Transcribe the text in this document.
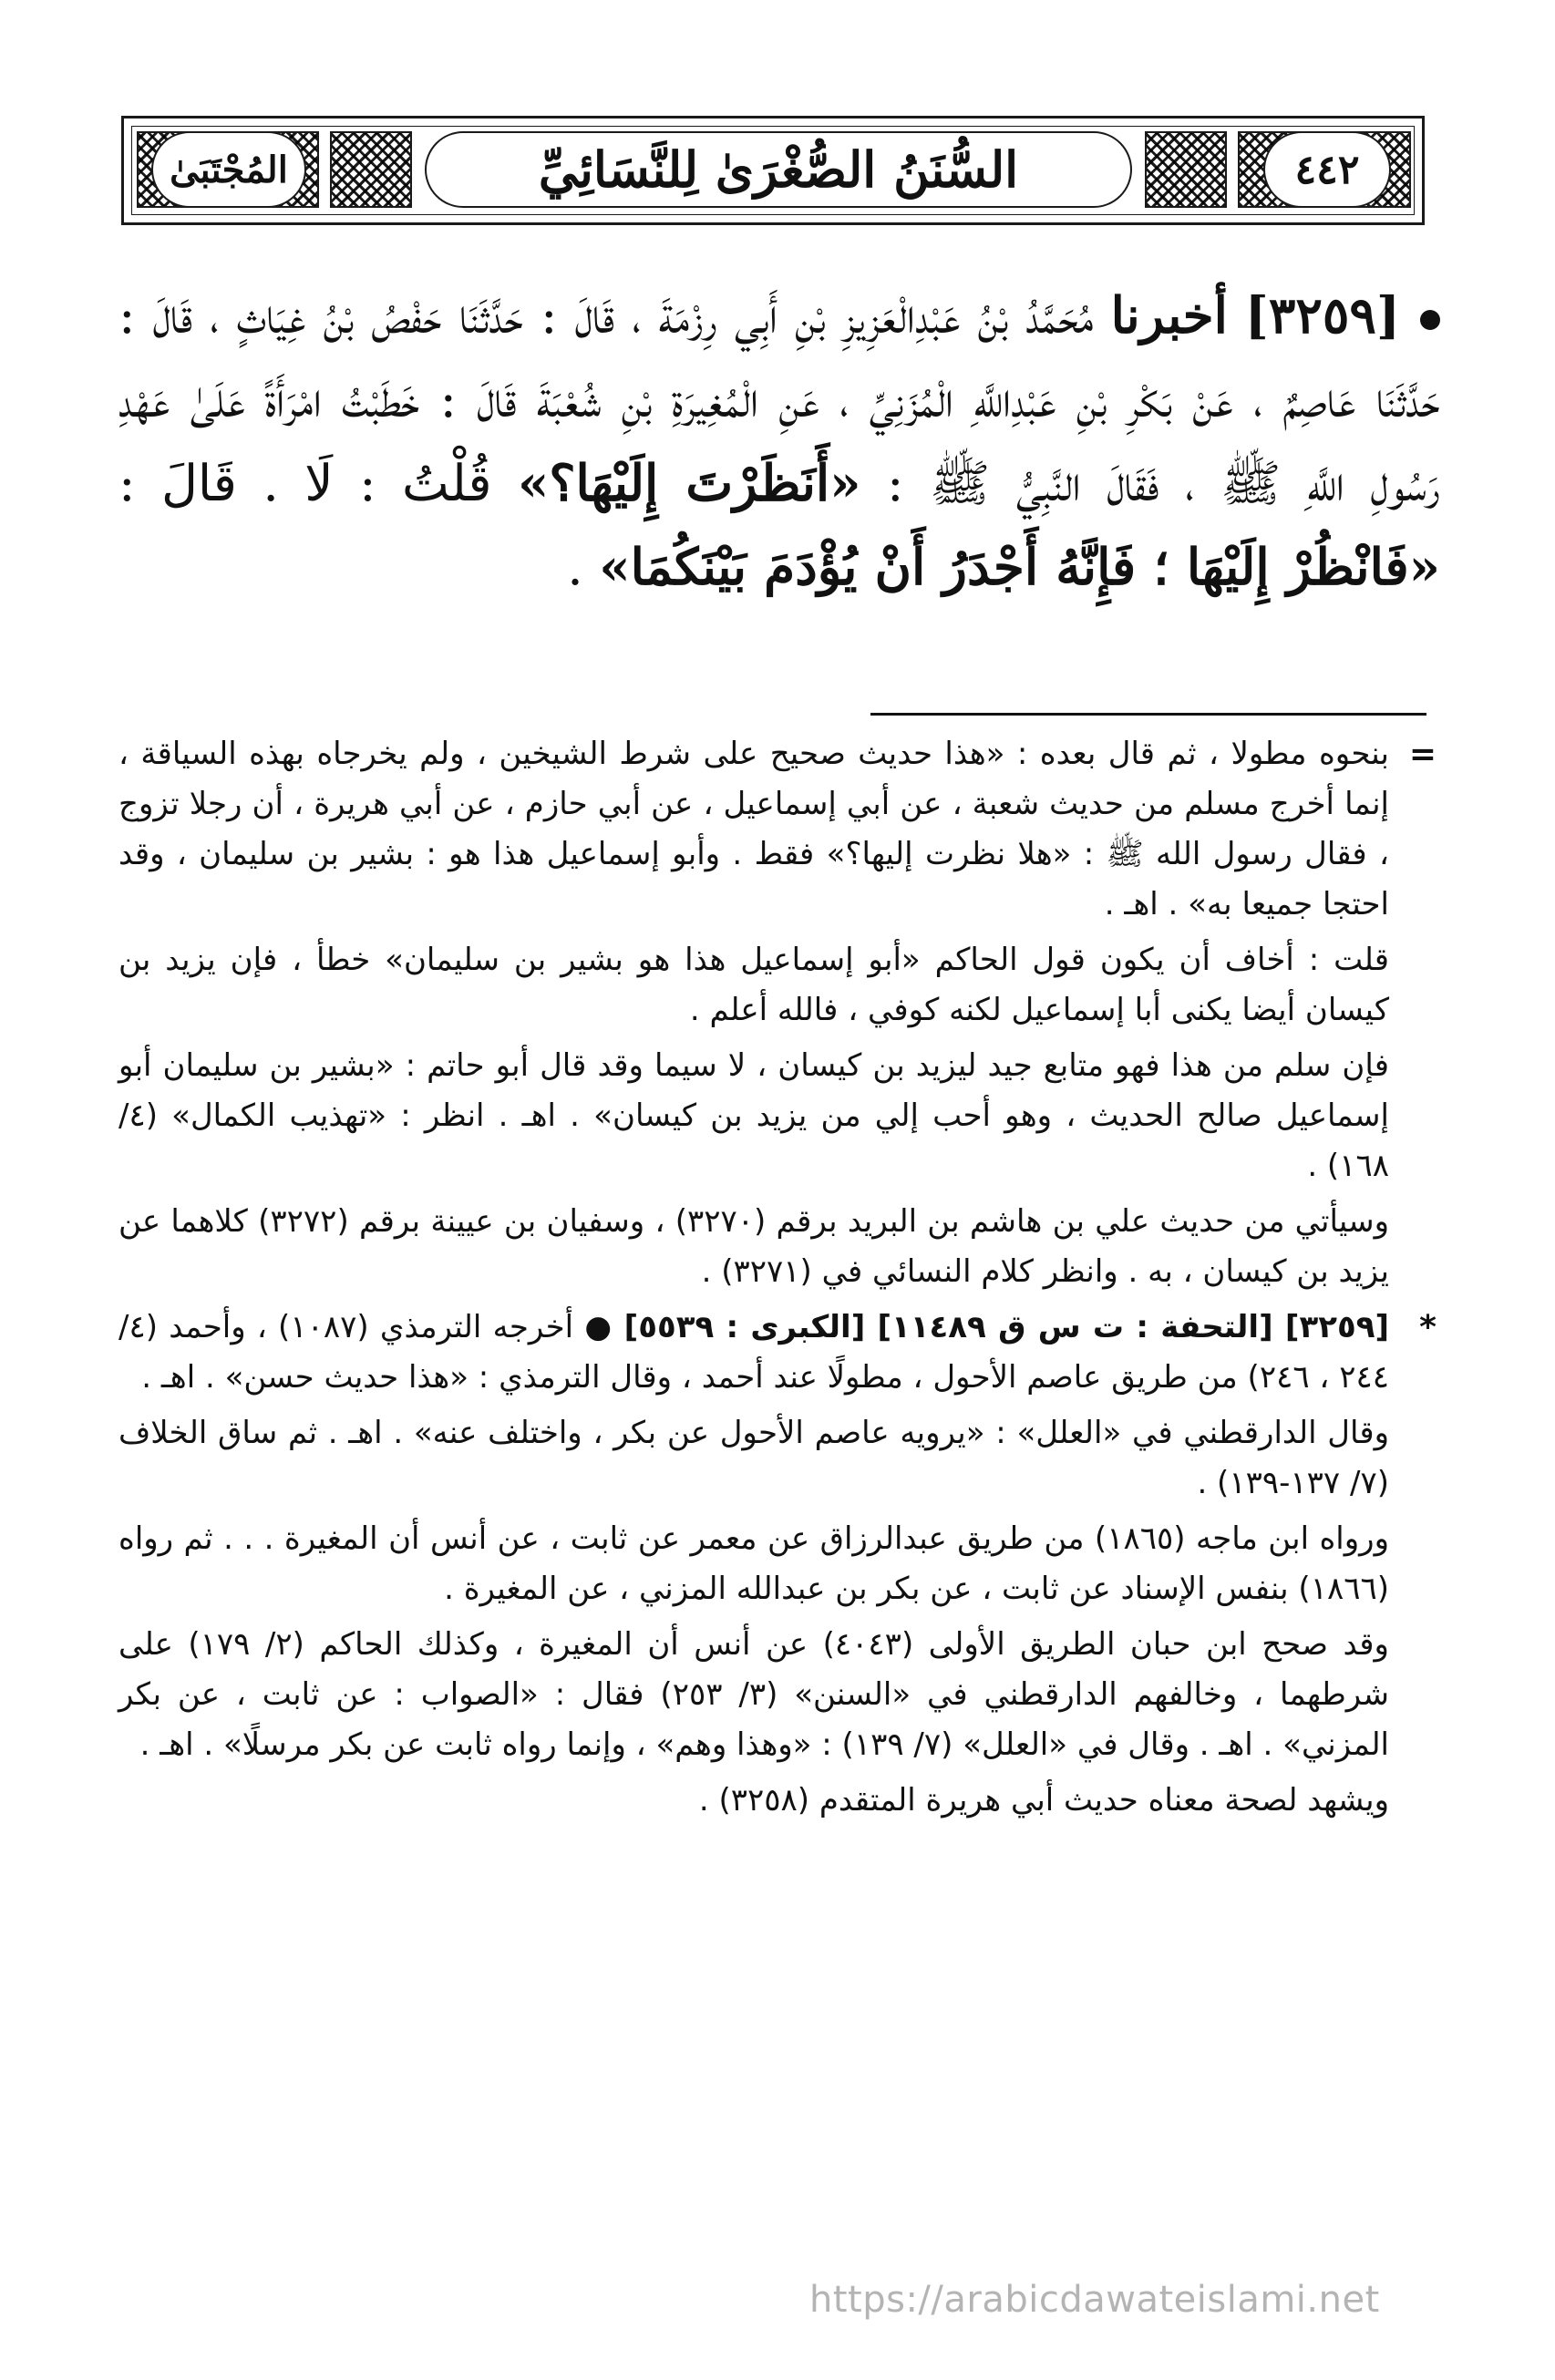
المُجْتَبَىٰ	السُّنَنُ الصُّغْرَىٰ لِلنَّسَائِيِّ	٤٤٢
[٣٢٥٩] أخبرنا مُحَمَّدُ بْنُ عَبْدِالْعَزِيزِ بْنِ أَبِي رِزْمَةَ ، قَالَ : حَدَّثَنَا حَفْصُ بْنُ غِيَاثٍ ، قَالَ : حَدَّثَنَا عَاصِمٌ ، عَنْ بَكْرِ بْنِ عَبْدِاللَّهِ الْمُزَنِيِّ ، عَنِ الْمُغِيرَةِ بْنِ شُعْبَةَ قَالَ : خَطَبْتُ امْرَأَةً عَلَىٰ عَهْدِ رَسُولِ اللَّهِ ﷺ ، فَقَالَ النَّبِيُّ ﷺ : «أَنَظَرْتَ إِلَيْهَا؟» قُلْتُ : لَا . قَالَ : «فَانْظُرْ إِلَيْهَا ؛ فَإِنَّهُ أَجْدَرُ أَنْ يُؤْدَمَ بَيْنَكُمَا» .
=

بنحوه مطولا ، ثم قال بعده : «هذا حديث صحيح على شرط الشيخين ، ولم يخرجاه بهذه السياقة ، إنما أخرج مسلم من حديث شعبة ، عن أبي إسماعيل ، عن أبي حازم ، عن أبي هريرة ، أن رجلا تزوج ، فقال رسول الله ﷺ : «هلا نظرت إليها؟» فقط . وأبو إسماعيل هذا هو : بشير بن سليمان ، وقد احتجا جميعا به» . اهـ .

قلت : أخاف أن يكون قول الحاكم «أبو إسماعيل هذا هو بشير بن سليمان» خطأ ، فإن يزيد بن كيسان أيضا يكنى أبا إسماعيل لكنه كوفي ، فالله أعلم .

فإن سلم من هذا فهو متابع جيد ليزيد بن كيسان ، لا سيما وقد قال أبو حاتم : «بشير بن سليمان أبو إسماعيل صالح الحديث ، وهو أحب إلي من يزيد بن كيسان» . اهـ . انظر : «تهذيب الكمال» (٤/ ١٦٨) .

وسيأتي من حديث علي بن هاشم بن البريد برقم (٣٢٧٠) ، وسفيان بن عيينة برقم (٣٢٧٢) كلاهما عن يزيد بن كيسان ، به . وانظر كلام النسائي في (٣٢٧١) .

*

[٣٢٥٩] [التحفة : ت س ق ١١٤٨٩] [الكبرى : ٥٥٣٩] ● أخرجه الترمذي (١٠٨٧) ، وأحمد (٤/ ٢٤٤ ، ٢٤٦) من طريق عاصم الأحول ، مطولًا عند أحمد ، وقال الترمذي : «هذا حديث حسن» . اهـ .

وقال الدارقطني في «العلل» : «يرويه عاصم الأحول عن بكر ، واختلف عنه» . اهـ . ثم ساق الخلاف (٧/ ١٣٧-١٣٩) .

ورواه ابن ماجه (١٨٦٥) من طريق عبدالرزاق عن معمر عن ثابت ، عن أنس أن المغيرة . . . ثم رواه (١٨٦٦) بنفس الإسناد عن ثابت ، عن بكر بن عبدالله المزني ، عن المغيرة .

وقد صحح ابن حبان الطريق الأولى (٤٠٤٣) عن أنس أن المغيرة ، وكذلك الحاكم (٢/ ١٧٩) على شرطهما ، وخالفهم الدارقطني في «السنن» (٣/ ٢٥٣) فقال : «الصواب : عن ثابت ، عن بكر المزني» . اهـ . وقال في «العلل» (٧/ ١٣٩) : «وهذا وهم» ، وإنما رواه ثابت عن بكر مرسلًا» . اهـ .

ويشهد لصحة معناه حديث أبي هريرة المتقدم (٣٢٥٨) .

https://arabicdawateislami.net
